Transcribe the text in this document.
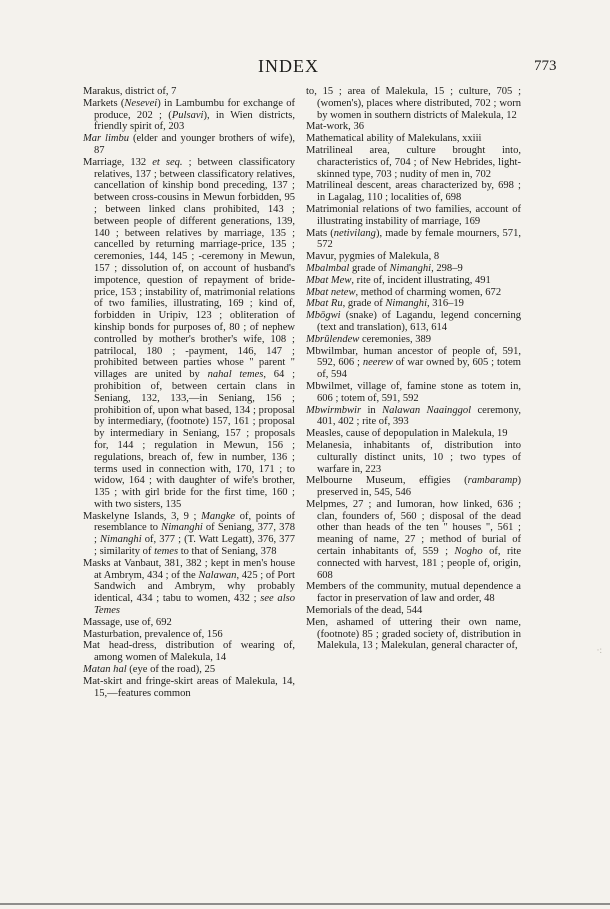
INDEX	773

Marakus, district of, 7

Markets (Nesevei) in Lambumbu for exchange of produce, 202 ; (Pulsavi), in Wien districts, friendly spirit of, 203

Mar limbu (elder and younger brothers of wife), 87

Marriage, 132 et seq. ; between classificatory relatives, 137 ; between classificatory relatives, cancellation of kinship bond preceding, 137 ; between cross-cousins in Mewun forbidden, 95 ; between linked clans prohibited, 143 ; between people of different generations, 139, 140 ; between relatives by marriage, 135 ; cancelled by returning marriage-price, 135 ; ceremonies, 144, 145 ; -ceremony in Mewun, 157 ; dissolution of, on account of husband's impotence, question of repayment of bride-price, 153 ; instability of, matrimonial relations of two families, illustrating, 169 ; kind of, forbidden in Uripiv, 123 ; obliteration of kinship bonds for purposes of, 80 ; of nephew controlled by mother's brother's wife, 108 ; patrilocal, 180 ; -payment, 146, 147 ; prohibited between parties whose " parent " villages are united by nahal temes, 64 ; prohibition of, between certain clans in Seniang, 132, 133,—in Seniang, 156 ; prohibition of, upon what based, 134 ; proposal by intermediary, (footnote) 157, 161 ; proposal by intermediary in Seniang, 157 ; proposals for, 144 ; regulation in Mewun, 156 ; regulations, breach of, few in number, 136 ; terms used in connection with, 170, 171 ; to widow, 164 ; with daughter of wife's brother, 135 ; with girl bride for the first time, 160 ; with two sisters, 135

Maskelyne Islands, 3, 9 ; Mangke of, points of resemblance to Nimanghi of Seniang, 377, 378 ; Nimanghi of, 377 ; (T. Watt Legatt), 376, 377 ; similarity of temes to that of Seniang, 378

Masks at Vanbaut, 381, 382 ; kept in men's house at Ambrym, 434 ; of the Nalawan, 425 ; of Port Sandwich and Ambrym, why probably identical, 434 ; tabu to women, 432 ; see also Temes

Massage, use of, 692

Masturbation, prevalence of, 156

Mat head-dress, distribution of wearing of, among women of Malekula, 14

Matan hal (eye of the road), 25

Mat-skirt and fringe-skirt areas of Malekula, 14, 15,—features common

to, 15 ; area of Malekula, 15 ; culture, 705 ; (women's), places where distributed, 702 ; worn by women in southern districts of Malekula, 12

Mat-work, 36

Mathematical ability of Malekulans, xxiii

Matrilineal area, culture brought into, characteristics of, 704 ; of New Hebrides, light-skinned type, 703 ; nudity of men in, 702

Matrilineal descent, areas characterized by, 698 ; in Lagalag, 110 ; localities of, 698

Matrimonial relations of two families, account of illustrating instability of marriage, 169

Mats (netivilang), made by female mourners, 571, 572

Mavur, pygmies of Malekula, 8

Mbalmbal grade of Nimanghi, 298–9

Mbat Mew, rite of, incident illustrating, 491

Mbat netew, method of charming women, 672

Mbat Ru, grade of Nimanghi, 316–19

Mbōgwi (snake) of Lagandu, legend concerning (text and translation), 613, 614

Mbrūlendew ceremonies, 389

Mbwilmbar, human ancestor of people of, 591, 592, 606 ; neerew of war owned by, 605 ; totem of, 594

Mbwilmet, village of, famine stone as totem in, 606 ; totem of, 591, 592

Mbwirmbwir in Nalawan Naainggol ceremony, 401, 402 ; rite of, 393

Measles, cause of depopulation in Malekula, 19

Melanesia, inhabitants of, distribution into culturally distinct units, 10 ; two types of warfare in, 223

Melbourne Museum, effigies (rambaramp) preserved in, 545, 546

Melpmes, 27 ; and Iumoran, how linked, 636 ; clan, founders of, 560 ; disposal of the dead other than heads of the ten " houses ", 561 ; meaning of name, 27 ; method of burial of certain inhabitants of, 559 ; Nogho of, rite connected with harvest, 181 ; people of, origin, 608

Members of the community, mutual dependence a factor in preservation of law and order, 48

Memorials of the dead, 544

Men, ashamed of uttering their own name, (footnote) 85 ; graded society of, distribution in Malekula, 13 ; Malekulan, general character of,	·:
